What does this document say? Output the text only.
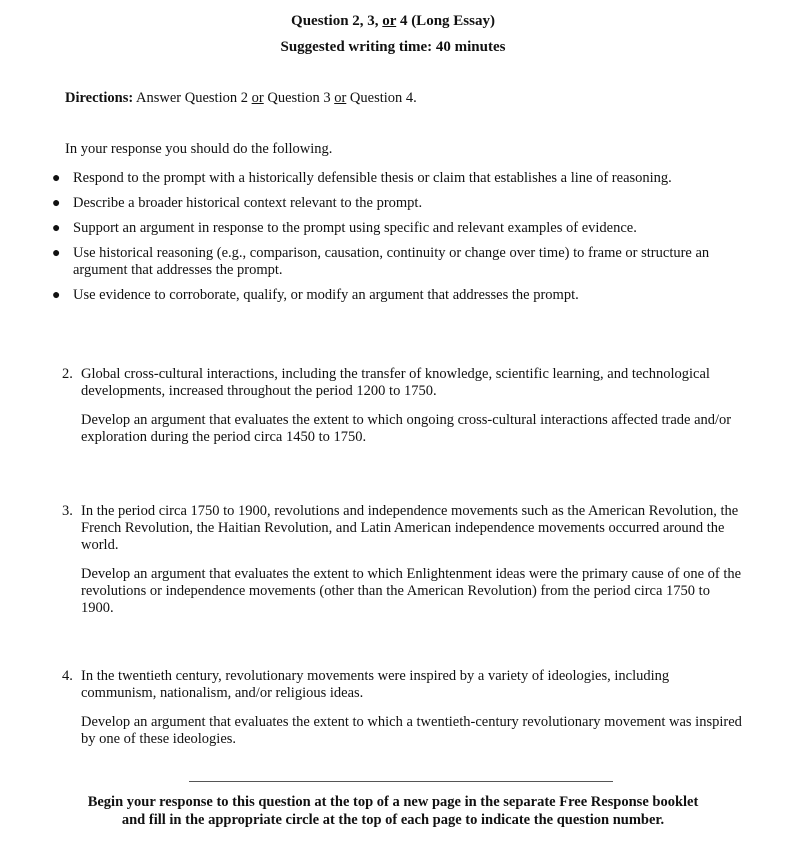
Question 2, 3, or 4 (Long Essay)
Suggested writing time: 40 minutes
Directions: Answer Question 2 or Question 3 or Question 4.
In your response you should do the following.
● Respond to the prompt with a historically defensible thesis or claim that establishes a line of reasoning.
● Describe a broader historical context relevant to the prompt.
● Support an argument in response to the prompt using specific and relevant examples of evidence.
● Use historical reasoning (e.g., comparison, causation, continuity or change over time) to frame or structure an argument that addresses the prompt.
● Use evidence to corroborate, qualify, or modify an argument that addresses the prompt.
2. Global cross-cultural interactions, including the transfer of knowledge, scientific learning, and technological developments, increased throughout the period 1200 to 1750.

Develop an argument that evaluates the extent to which ongoing cross-cultural interactions affected trade and/or exploration during the period circa 1450 to 1750.

3. In the period circa 1750 to 1900, revolutions and independence movements such as the American Revolution, the French Revolution, the Haitian Revolution, and Latin American independence movements occurred around the world.

Develop an argument that evaluates the extent to which Enlightenment ideas were the primary cause of one of the revolutions or independence movements (other than the American Revolution) from the period circa 1750 to 1900.

4. In the twentieth century, revolutionary movements were inspired by a variety of ideologies, including communism, nationalism, and/or religious ideas.

Develop an argument that evaluates the extent to which a twentieth-century revolutionary movement was inspired by one of these ideologies.

Begin your response to this question at the top of a new page in the separate Free Response booklet
and fill in the appropriate circle at the top of each page to indicate the question number.
